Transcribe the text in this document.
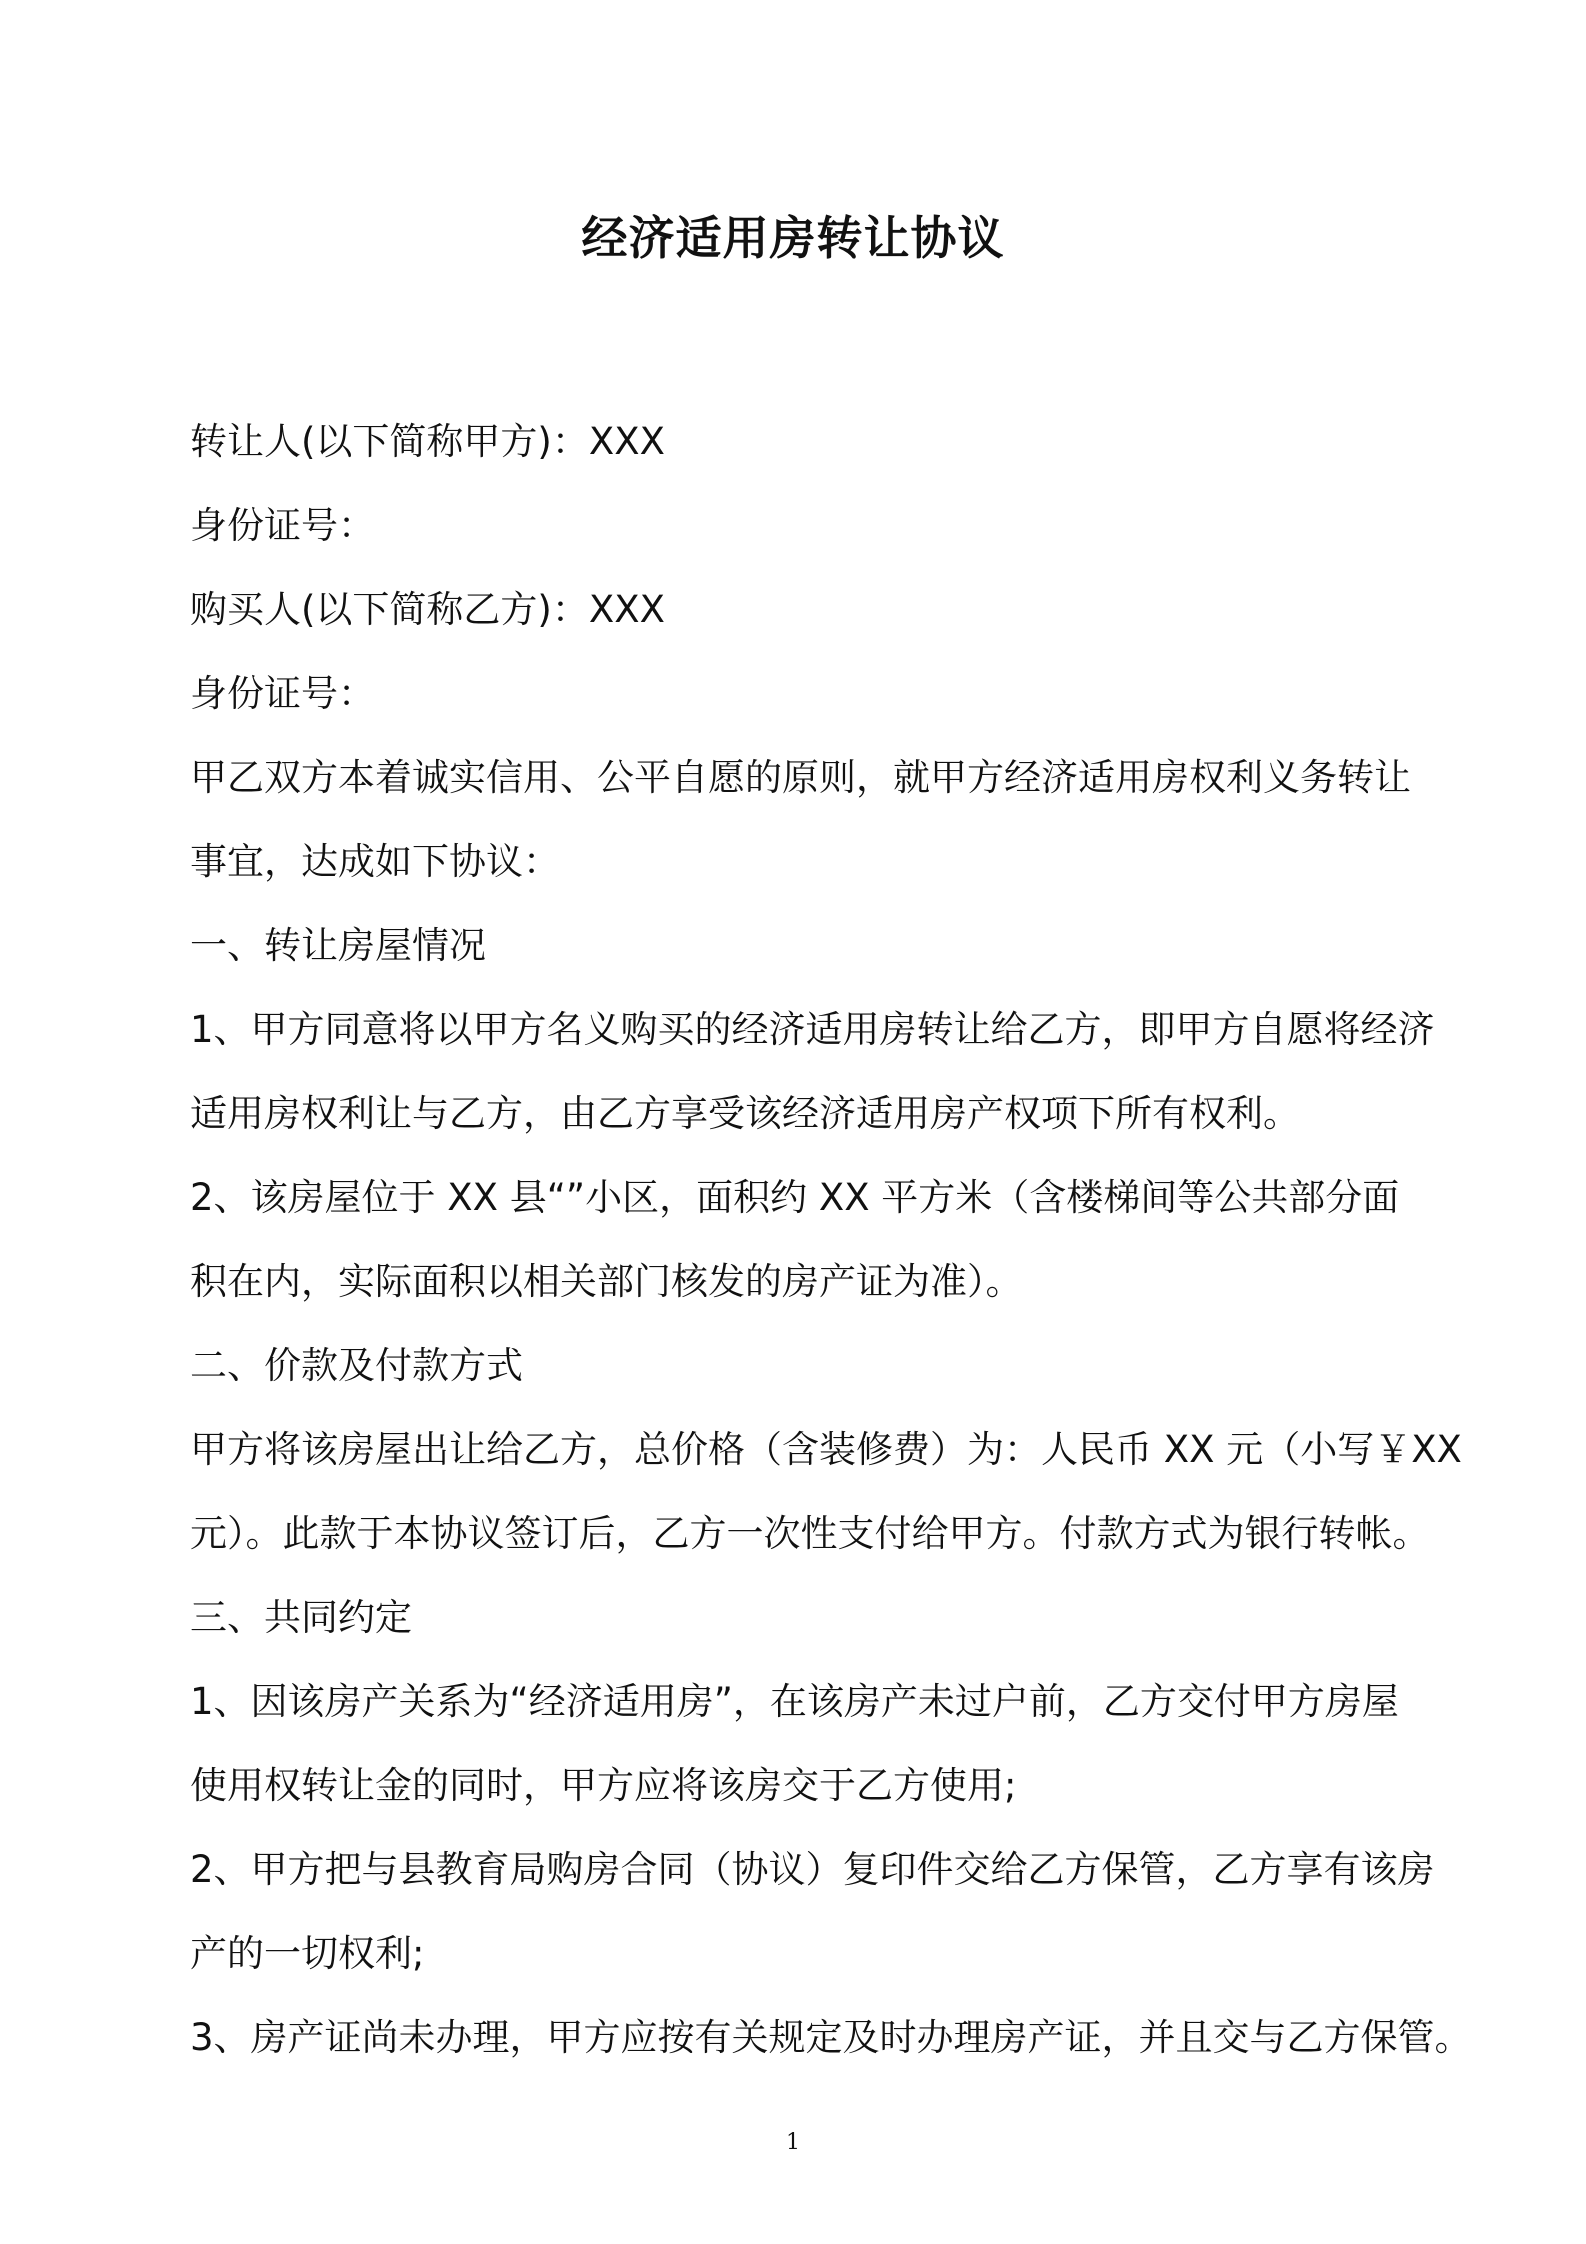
经济适用房转让协议
转让人(以下简称甲方)：XXX
身份证号：
购买人(以下简称乙方)：XXX
身份证号：
甲乙双方本着诚实信用、公平自愿的原则，就甲方经济适用房权利义务转让
事宜，达成如下协议：
一、转让房屋情况
1、甲方同意将以甲方名义购买的经济适用房转让给乙方，即甲方自愿将经济
适用房权利让与乙方，由乙方享受该经济适用房产权项下所有权利。
2、该房屋位于 XX 县“”小区，面积约 XX 平方米（含楼梯间等公共部分面
积在内，实际面积以相关部门核发的房产证为准）。
二、价款及付款方式
甲方将该房屋出让给乙方，总价格（含装修费）为：人民币 XX 元（小写￥XX
元）。此款于本协议签订后，乙方一次性支付给甲方。付款方式为银行转帐。
三、共同约定
1、因该房产关系为“经济适用房”，在该房产未过户前，乙方交付甲方房屋
使用权转让金的同时，甲方应将该房交于乙方使用;
2、甲方把与县教育局购房合同（协议）复印件交给乙方保管，乙方享有该房
产的一切权利;
3、房产证尚未办理，甲方应按有关规定及时办理房产证，并且交与乙方保管。
1
